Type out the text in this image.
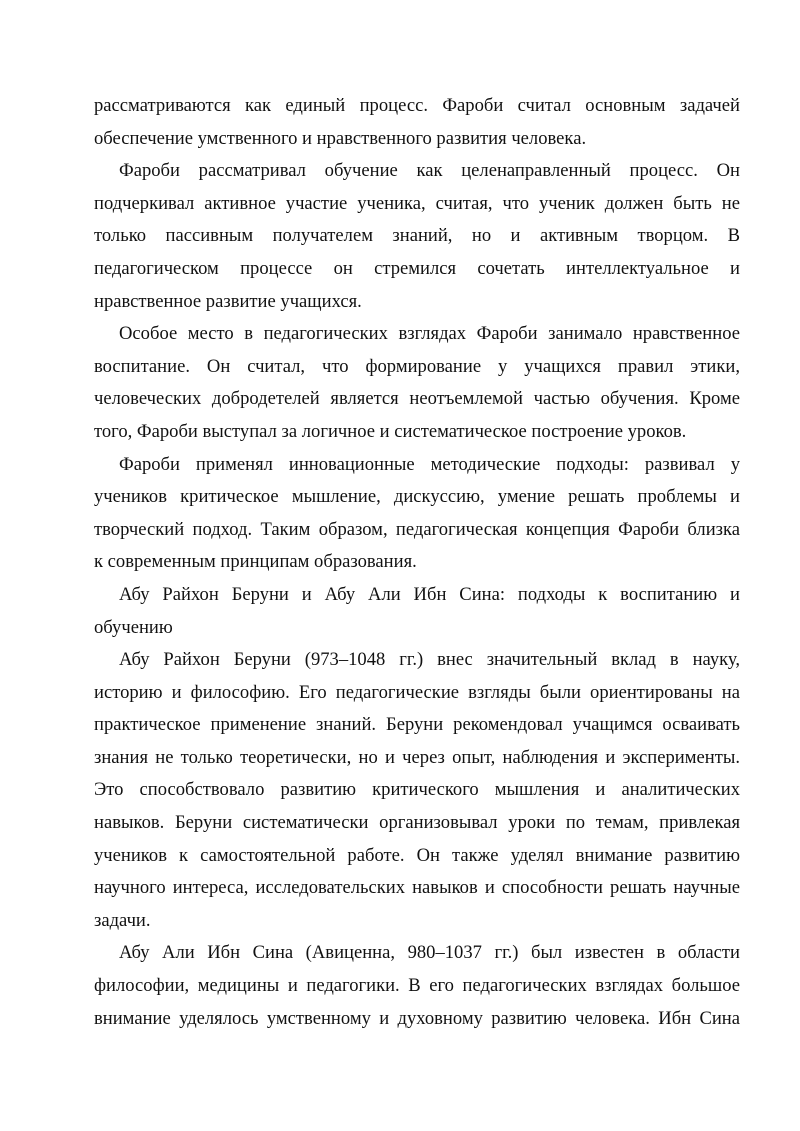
рассматриваются как единый процесс. Фароби считал основным задачей
обеспечение умственного и нравственного развития человека.
Фароби рассматривал обучение как целенаправленный процесс. Он
подчеркивал активное участие ученика, считая, что ученик должен быть не
только пассивным получателем знаний, но и активным творцом. В
педагогическом процессе он стремился сочетать интеллектуальное и
нравственное развитие учащихся.
Особое место в педагогических взглядах Фароби занимало нравственное
воспитание. Он считал, что формирование у учащихся правил этики,
человеческих добродетелей является неотъемлемой частью обучения. Кроме
того, Фароби выступал за логичное и систематическое построение уроков.
Фароби применял инновационные методические подходы: развивал у
учеников критическое мышление, дискуссию, умение решать проблемы и
творческий подход. Таким образом, педагогическая концепция Фароби близка
к современным принципам образования.
Абу Райхон Беруни и Абу Али Ибн Сина: подходы к воспитанию и
обучению
Абу Райхон Беруни (973–1048 гг.) внес значительный вклад в науку,
историю и философию. Его педагогические взгляды были ориентированы на
практическое применение знаний. Беруни рекомендовал учащимся осваивать
знания не только теоретически, но и через опыт, наблюдения и эксперименты.
Это способствовало развитию критического мышления и аналитических
навыков. Беруни систематически организовывал уроки по темам, привлекая
учеников к самостоятельной работе. Он также уделял внимание развитию
научного интереса, исследовательских навыков и способности решать научные
задачи.
Абу Али Ибн Сина (Авиценна, 980–1037 гг.) был известен в области
философии, медицины и педагогики. В его педагогических взглядах большое
внимание уделялось умственному и духовному развитию человека. Ибн Сина
